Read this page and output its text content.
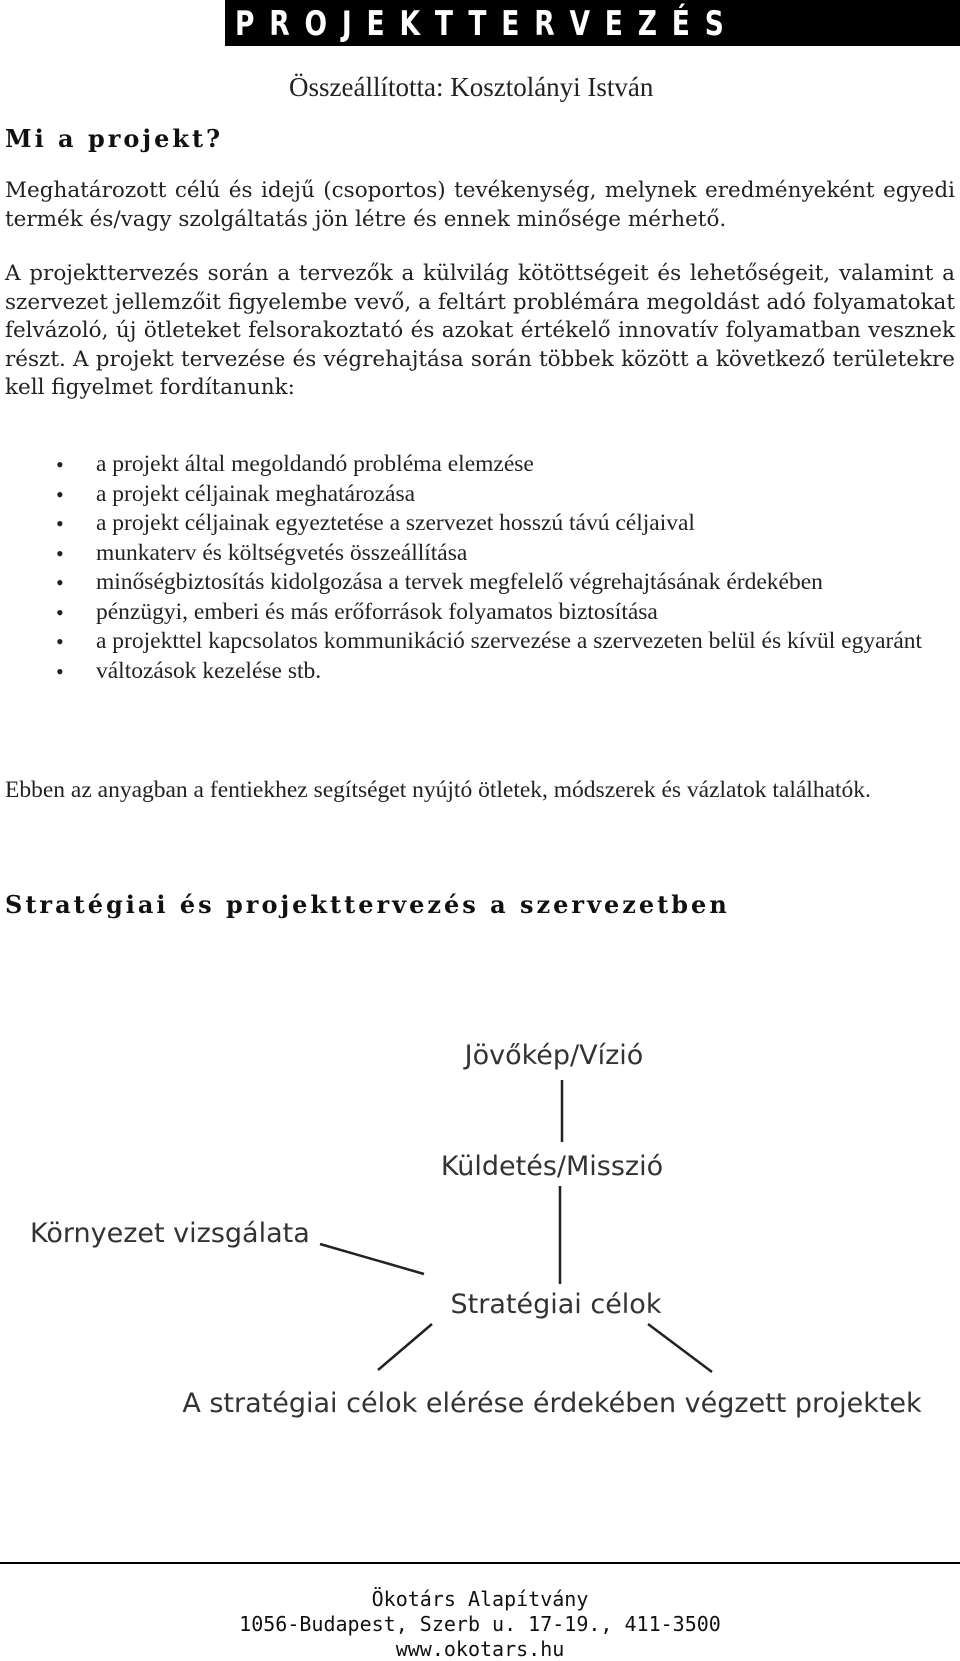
PROJEKTTERVEZÉS
Összeállította: Kosztolányi István
Mi a projekt?

Meghatározott célú és idejű (csoportos) tevékenység, melynek eredményeként egyedi termék és/vagy szolgáltatás jön létre és ennek minősége mérhető.

A projekttervezés során a tervezők a külvilág kötöttségeit és lehetőségeit, valamint a szervezet jellemzőit figyelembe vevő, a feltárt problémára megoldást adó folyamatokat felvázoló, új ötleteket felsorakoztató és azokat értékelő innovatív folyamatban vesznek részt. A projekt tervezése és végrehajtása során többek között a következő területekre kell figyelmet fordítanunk:

• a projekt által megoldandó probléma elemzése
• a projekt céljainak meghatározása
• a projekt céljainak egyeztetése a szervezet hosszú távú céljaival
• munkaterv és költségvetés összeállítása
• minőségbiztosítás kidolgozása a tervek megfelelő végrehajtásának érdekében
• pénzügyi, emberi és más erőforrások folyamatos biztosítása
• a projekttel kapcsolatos kommunikáció szervezése a szervezeten belül és kívül egyaránt
• változások kezelése stb.

Ebben az anyagban a fentiekhez segítséget nyújtó ötletek, módszerek és vázlatok találhatók.

Stratégiai és projekttervezés a szervezetben
Jövőkép/Vízió
Küldetés/Misszió
Környezet vizsgálata
Stratégiai célok
A stratégiai célok elérése érdekében végzett projektek
Ökotárs Alapítvány
1056-Budapest, Szerb u. 17-19., 411-3500
www.okotars.hu
